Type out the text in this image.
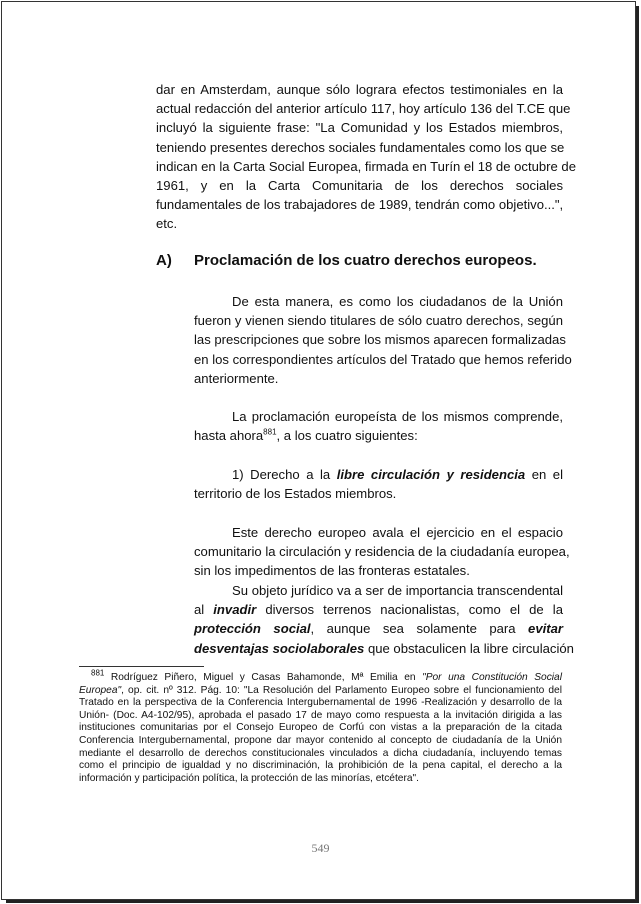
dar en Amsterdam, aunque sólo lograra efectos testimoniales en la
actual redacción del anterior artículo 117, hoy artículo 136 del T.CE que
incluyó la siguiente frase: "La Comunidad y los Estados miembros,
teniendo presentes derechos sociales fundamentales como los que se
indican en la Carta Social Europea, firmada en Turín el 18 de octubre de
1961, y en la Carta Comunitaria de los derechos sociales
fundamentales de los trabajadores de 1989, tendrán como objetivo...",
etc.
A) Proclamación de los cuatro derechos europeos.
De esta manera, es como los ciudadanos de la Unión
fueron y vienen siendo titulares de sólo cuatro derechos, según
las prescripciones que sobre los mismos aparecen formalizadas
en los correspondientes artículos del Tratado que hemos referido
anteriormente.
La proclamación europeísta de los mismos comprende,
hasta ahora$^{881}$, a los cuatro siguientes:
1) Derecho a la libre circulación y residencia en el
territorio de los Estados miembros.
Este derecho europeo avala el ejercicio en el espacio
comunitario la circulación y residencia de la ciudadanía europea,
sin los impedimentos de las fronteras estatales.
Su objeto jurídico va a ser de importancia transcendental
al invadir diversos terrenos nacionalistas, como el de la
protección social, aunque sea solamente para evitar
desventajas sociolaborales que obstaculicen la libre circulación
$^{881}$ Rodríguez Piñero, Miguel y Casas Bahamonde, Mª Emilia en "Por una Constitución Social
Europea", op. cit. nº 312. Pág. 10: "La Resolución del Parlamento Europeo sobre el funcionamiento del
Tratado en la perspectiva de la Conferencia Intergubernamental de 1996 -Realización y desarrollo de la
Unión- (Doc. A4-102/95), aprobada el pasado 17 de mayo como respuesta a la invitación dirigida a las
instituciones comunitarias por el Consejo Europeo de Corfú con vistas a la preparación de la citada
Conferencia Intergubernamental, propone dar mayor contenido al concepto de ciudadanía de la Unión
mediante el desarrollo de derechos constitucionales vinculados a dicha ciudadanía, incluyendo temas
como el principio de igualdad y no discriminación, la prohibición de la pena capital, el derecho a la
información y participación política, la protección de las minorías, etcétera".
549
